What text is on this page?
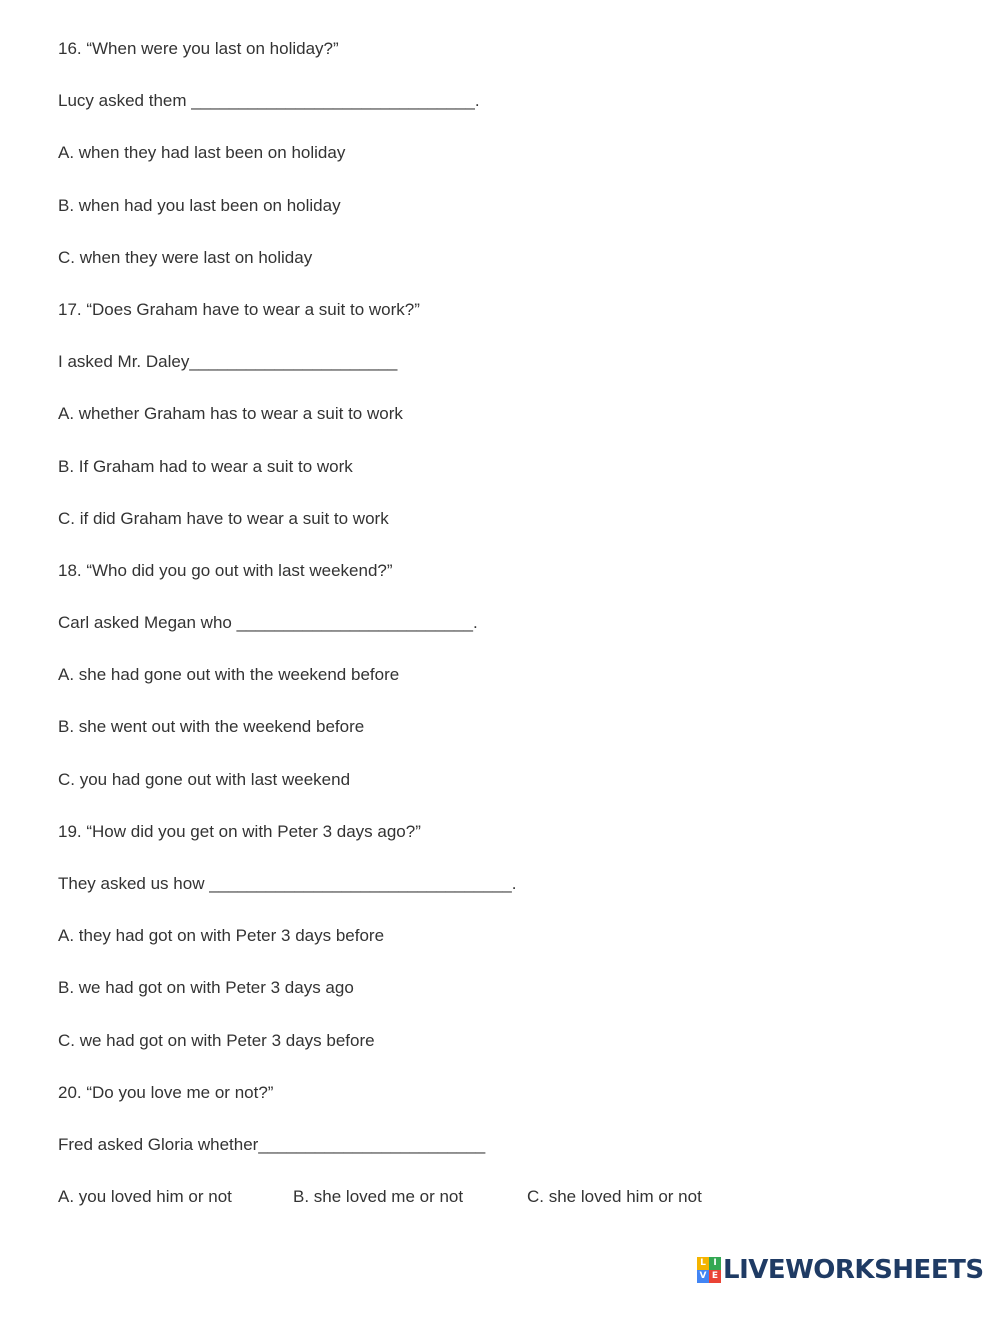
16. “When were you last on holiday?”
Lucy asked them ______________________________.
A. when they had last been on holiday
B. when had you last been on holiday
C. when they were last on holiday
17. “Does Graham have to wear a suit to work?”
I asked Mr. Daley______________________
A. whether Graham has to wear a suit to work
B. If Graham had to wear a suit to work
C. if did Graham have to wear a suit to work
18. “Who did you go out with last weekend?”
Carl asked Megan who _________________________.
A. she had gone out with the weekend before
B. she went out with the weekend before
C. you had gone out with last weekend
19. “How did you get on with Peter 3 days ago?”
They asked us how ________________________________.
A. they had got on with Peter 3 days before
B. we had got on with Peter 3 days ago
C. we had got on with Peter 3 days before
20. “Do you love me or not?”
Fred asked Gloria whether________________________

A. you loved him or not

	B. she loved me or not

	C. she loved him or not

L I
V E LIVEWORKSHEETS
